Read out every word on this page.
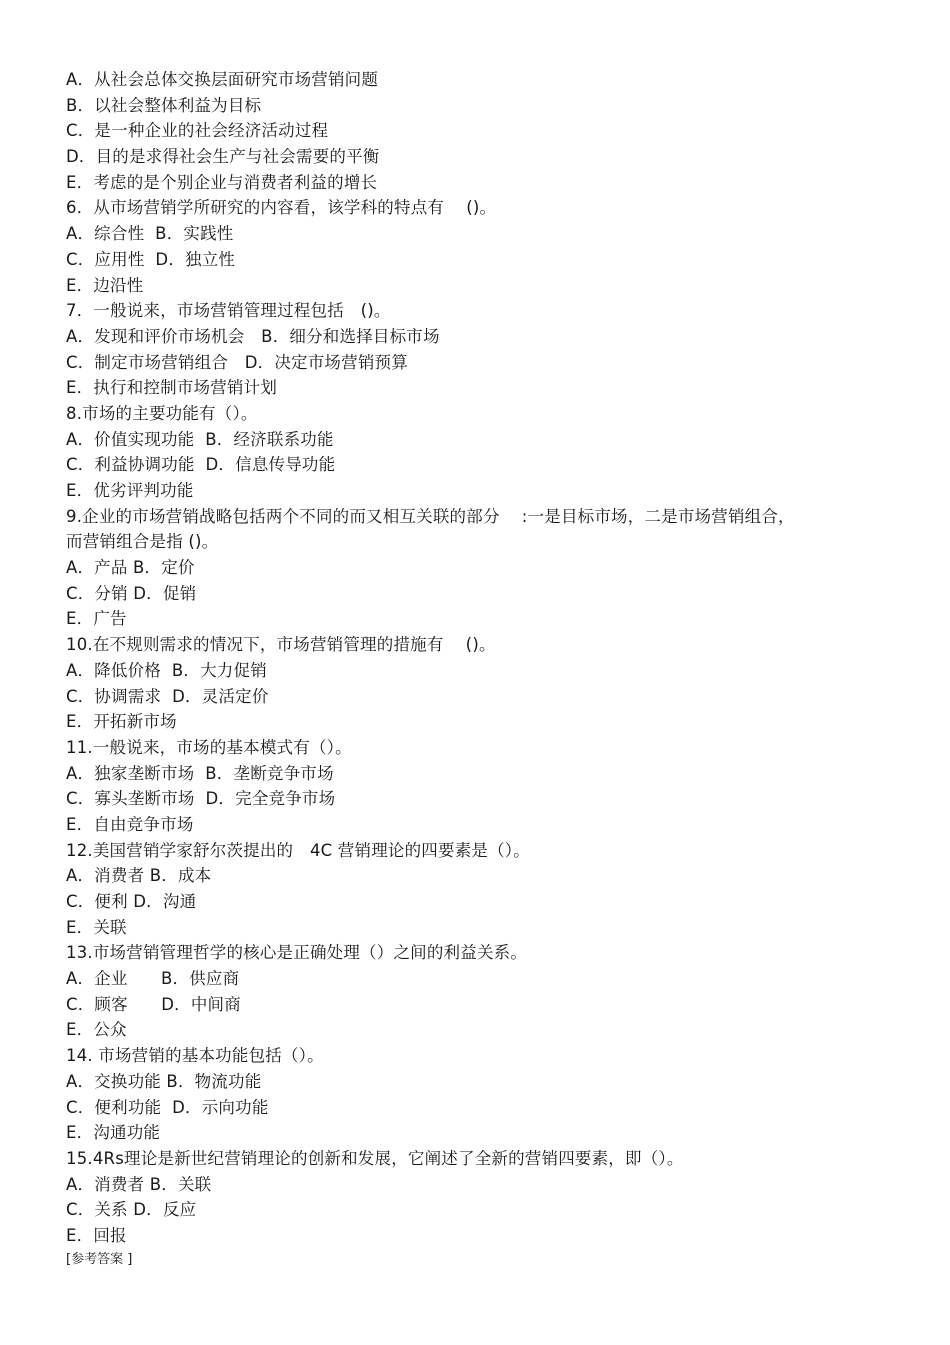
A．从社会总体交换层面研究市场营销问题
B．以社会整体利益为目标
C．是一种企业的社会经济活动过程
D．目的是求得社会生产与社会需要的平衡
E．考虑的是个别企业与消费者利益的增长
6．从市场营销学所研究的内容看，该学科的特点有　 ()。
A．综合性  B．实践性
C．应用性  D．独立性
E．边沿性
7．一般说来，市场营销管理过程包括　()。
A．发现和评价市场机会　B．细分和选择目标市场
C．制定市场营销组合　D．决定市场营销预算
E．执行和控制市场营销计划
8.市场的主要功能有（）。
A．价值实现功能  B．经济联系功能
C．利益协调功能  D．信息传导功能
E．优劣评判功能
9.企业的市场营销战略包括两个不同的而又相互关联的部分　 :一是目标市场，二是市场营销组合，
而营销组合是指 ()。
A．产品 B．定价
C．分销 D．促销
E．广告
10.在不规则需求的情况下，市场营销管理的措施有　 ()。
A．降低价格  B．大力促销
C．协调需求  D．灵活定价
E．开拓新市场
11.一般说来，市场的基本模式有（）。
A．独家垄断市场  B．垄断竞争市场
C．寡头垄断市场  D．完全竞争市场
E．自由竞争市场
12.美国营销学家舒尔茨提出的　4C 营销理论的四要素是（）。
A．消费者 B．成本
C．便利 D．沟通
E．关联
13.市场营销管理哲学的核心是正确处理（）之间的利益关系。
A．企业　　B．供应商
C．顾客　　D．中间商
E．公众
14. 市场营销的基本功能包括（）。
A．交换功能 B．物流功能
C．便利功能  D．示向功能
E．沟通功能
15.4Rs理论是新世纪营销理论的创新和发展，它阐述了全新的营销四要素，即（）。
A．消费者 B．关联
C．关系 D．反应
E．回报
[参考答案 ]
